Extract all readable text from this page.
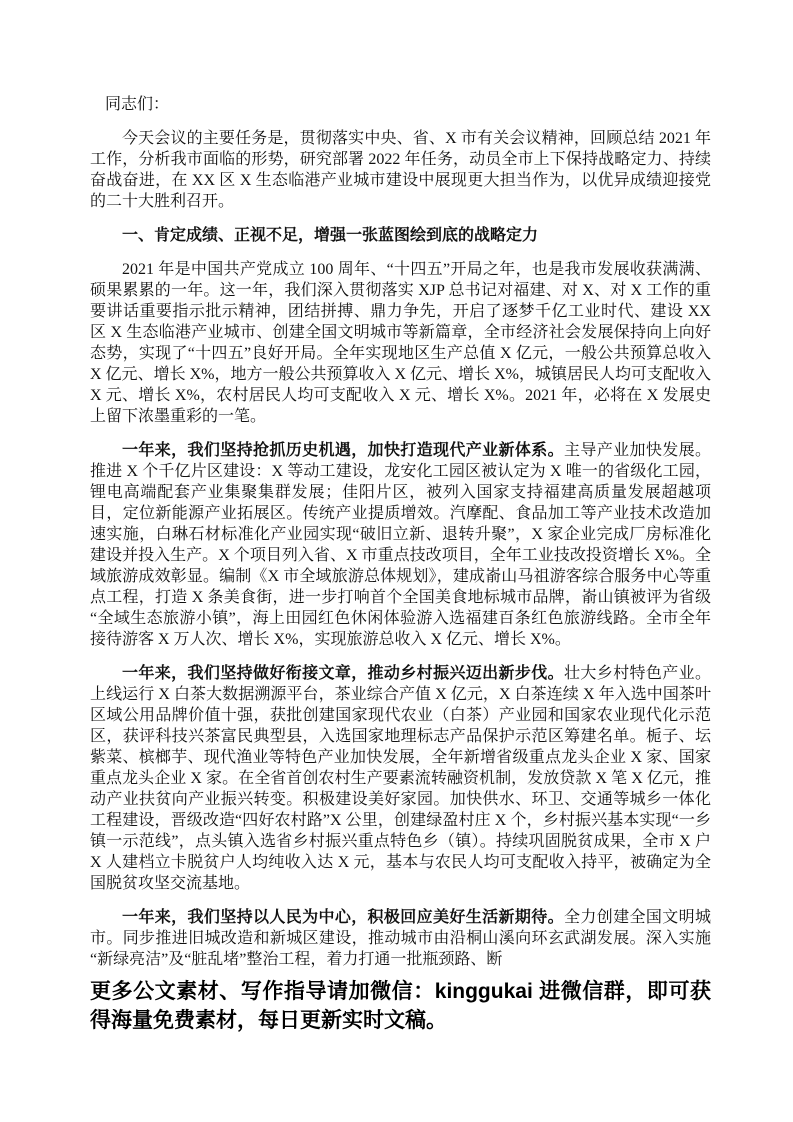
同志们：

今天会议的主要任务是，贯彻落实中央、省、X 市有关会议精神，回顾总结 2021 年工作，分析我市面临的形势，研究部署 2022 年任务，动员全市上下保持战略定力、持续奋战奋进，在 XX 区 X 生态临港产业城市建设中展现更大担当作为，以优异成绩迎接党的二十大胜利召开。

一、肯定成绩、正视不足，增强一张蓝图绘到底的战略定力

2021 年是中国共产党成立 100 周年、“十四五”开局之年，也是我市发展收获满满、硕果累累的一年。这一年，我们深入贯彻落实 XJP 总书记对福建、对 X、对 X 工作的重要讲话重要指示批示精神，团结拼搏、鼎力争先，开启了逐梦千亿工业时代、建设 XX 区 X 生态临港产业城市、创建全国文明城市等新篇章，全市经济社会发展保持向上向好态势，实现了“十四五”良好开局。全年实现地区生产总值 X 亿元，一般公共预算总收入 X 亿元、增长 X%，地方一般公共预算收入 X 亿元、增长 X%，城镇居民人均可支配收入 X 元、增长 X%，农村居民人均可支配收入 X 元、增长 X%。2021 年，必将在 X 发展史上留下浓墨重彩的一笔。

一年来，我们坚持抢抓历史机遇，加快打造现代产业新体系。主导产业加快发展。推进 X 个千亿片区建设：X 等动工建设，龙安化工园区被认定为 X 唯一的省级化工园，锂电高端配套产业集聚集群发展；佳阳片区，被列入国家支持福建高质量发展超越项目，定位新能源产业拓展区。传统产业提质增效。汽摩配、食品加工等产业技术改造加速实施，白琳石材标准化产业园实现“破旧立新、退转升聚”，X 家企业完成厂房标准化建设并投入生产。X 个项目列入省、X 市重点技改项目，全年工业技改投资增长 X%。全域旅游成效彰显。编制《X 市全域旅游总体规划》，建成嵛山马祖游客综合服务中心等重点工程，打造 X 条美食街，进一步打响首个全国美食地标城市品牌，嵛山镇被评为省级“全域生态旅游小镇”，海上田园红色休闲体验游入选福建百条红色旅游线路。全市全年接待游客 X 万人次、增长 X%，实现旅游总收入 X 亿元、增长 X%。

一年来，我们坚持做好衔接文章，推动乡村振兴迈出新步伐。壮大乡村特色产业。上线运行 X 白茶大数据溯源平台，茶业综合产值 X 亿元，X 白茶连续 X 年入选中国茶叶区域公用品牌价值十强，获批创建国家现代农业（白茶）产业园和国家农业现代化示范区，获评科技兴茶富民典型县，入选国家地理标志产品保护示范区筹建名单。栀子、坛紫菜、槟榔芋、现代渔业等特色产业加快发展，全年新增省级重点龙头企业 X 家、国家重点龙头企业 X 家。在全省首创农村生产要素流转融资机制，发放贷款 X 笔 X 亿元，推动产业扶贫向产业振兴转变。积极建设美好家园。加快供水、环卫、交通等城乡一体化工程建设，晋级改造“四好农村路”X 公里，创建绿盈村庄 X 个，乡村振兴基本实现“一乡镇一示范线”，点头镇入选省乡村振兴重点特色乡（镇）。持续巩固脱贫成果，全市 X 户 X 人建档立卡脱贫户人均纯收入达 X 元，基本与农民人均可支配收入持平，被确定为全国脱贫攻坚交流基地。

一年来，我们坚持以人民为中心，积极回应美好生活新期待。全力创建全国文明城市。同步推进旧城改造和新城区建设，推动城市由沿桐山溪向环玄武湖发展。深入实施“新绿亮洁”及“脏乱堵”整治工程，着力打通一批瓶颈路、断

更多公文素材、写作指导请加微信：kinggukai 进微信群，即可获得海量免费素材，每日更新实时文稿。
